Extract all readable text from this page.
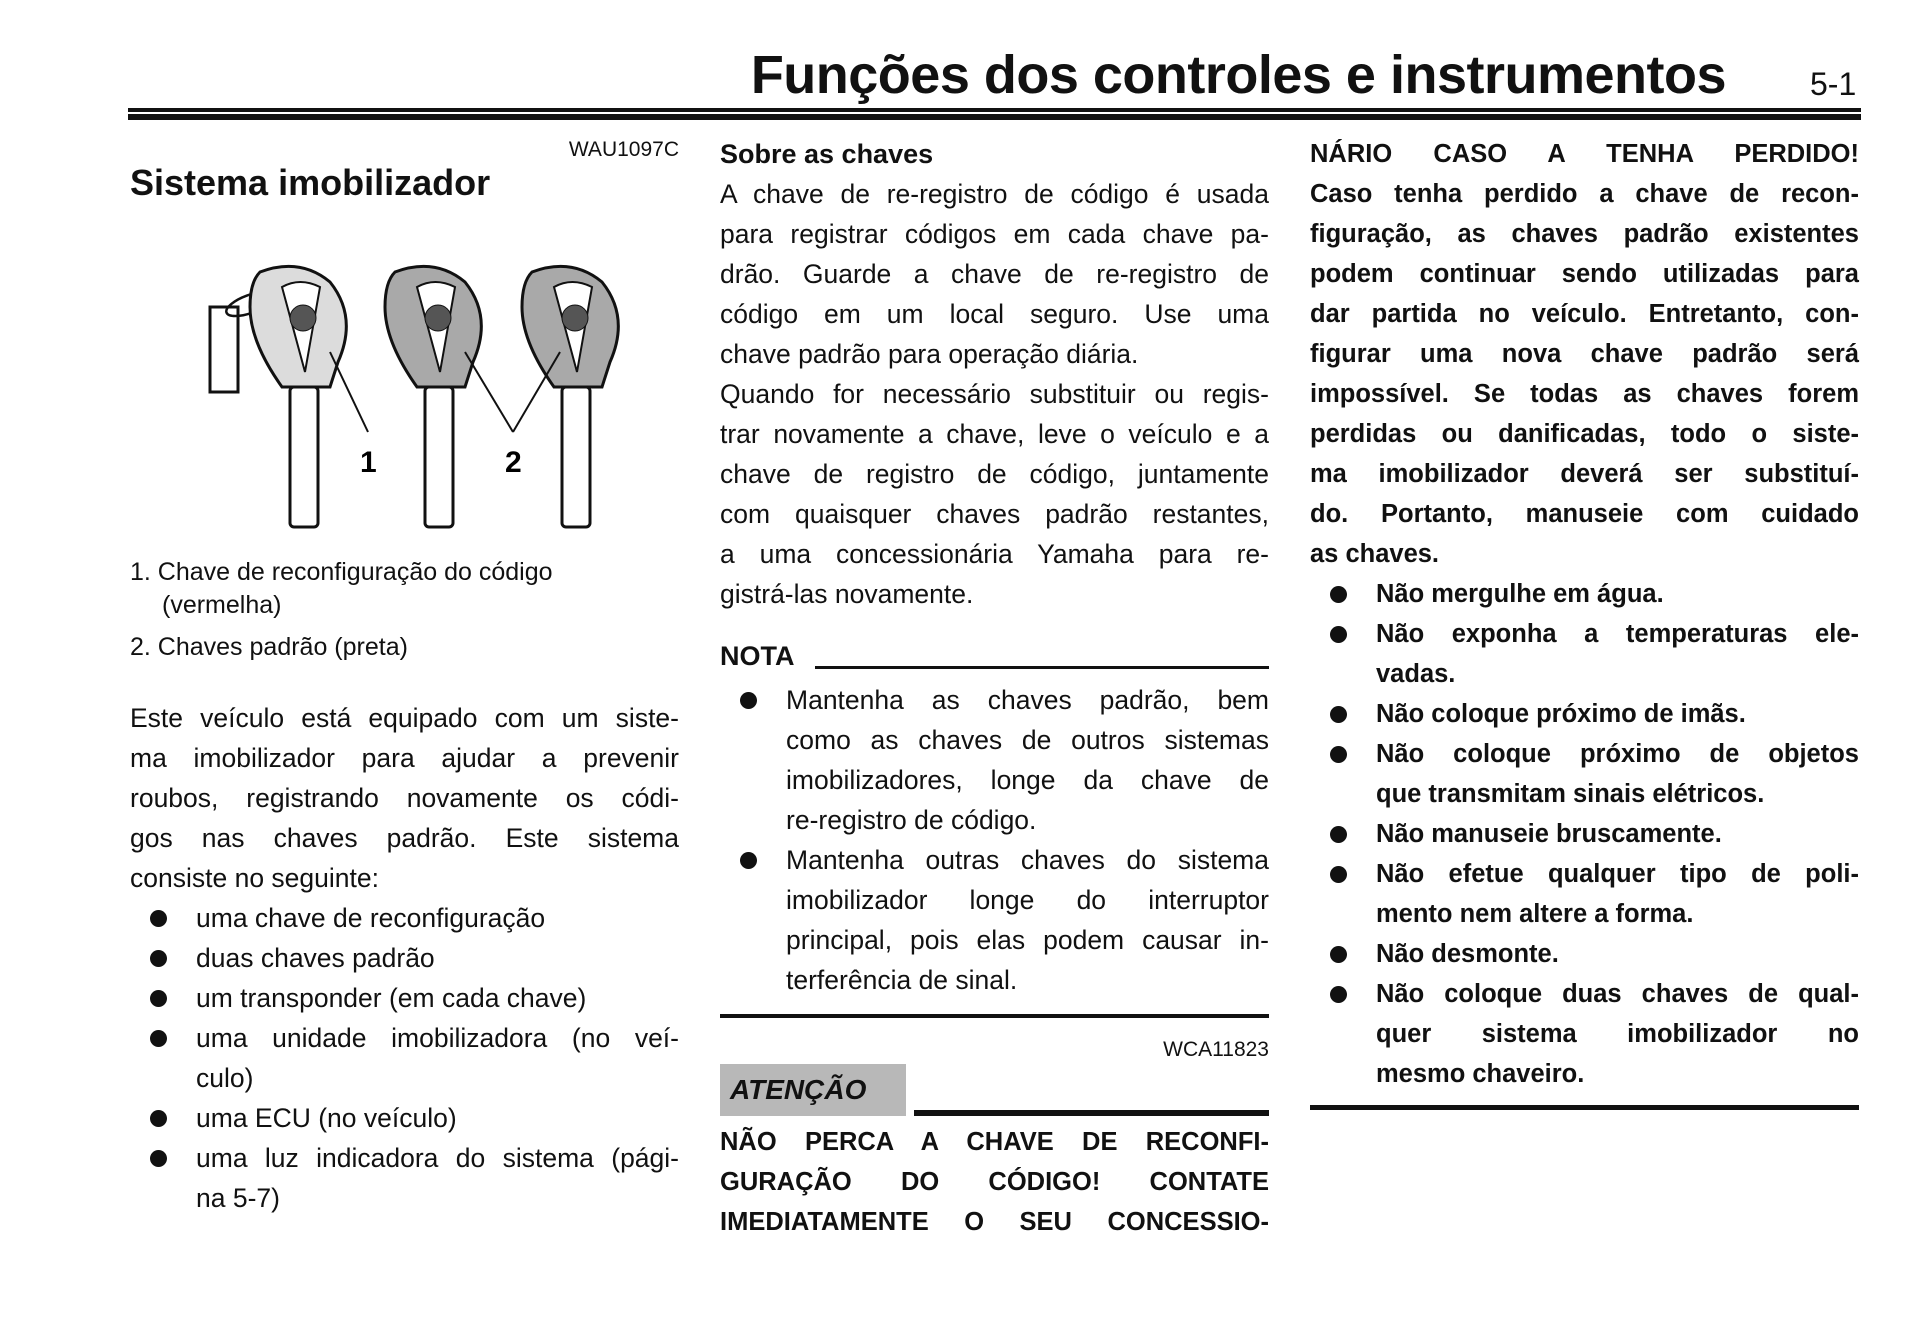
Funções dos controles e instrumentos	5-1
WAU1097C
Sistema imobilizador
1	2
1. Chave de reconfiguração do código
(vermelha)
2. Chaves padrão (preta)
Este veículo está equipado com um siste-
ma imobilizador para ajudar a prevenir
roubos, registrando novamente os códi-
gos nas chaves padrão. Este sistema
consiste no seguinte:
uma chave de reconfiguração
duas chaves padrão
um transponder (em cada chave)
uma unidade imobilizadora (no veí-
culo)
uma ECU (no veículo)
uma luz indicadora do sistema (pági-
na 5-7)
Sobre as chaves
A chave de re-registro de código é usada
para registrar códigos em cada chave pa-
drão. Guarde a chave de re-registro de
código em um local seguro. Use uma
chave padrão para operação diária.
Quando for necessário substituir ou regis-
trar novamente a chave, leve o veículo e a
chave de registro de código, juntamente
com quaisquer chaves padrão restantes,
a uma concessionária Yamaha para re-
gistrá-las novamente.
NOTA
Mantenha as chaves padrão, bem
como as chaves de outros sistemas
imobilizadores, longe da chave de
re-registro de código.
Mantenha outras chaves do sistema
imobilizador longe do interruptor
principal, pois elas podem causar in-
terferência de sinal.
WCA11823
ATENÇÃO
NÃO PERCA A CHAVE DE RECONFI-
GURAÇÃO DO CÓDIGO! CONTATE
IMEDIATAMENTE O SEU CONCESSIO-
NÁRIO CASO A TENHA PERDIDO!
Caso tenha perdido a chave de recon-
figuração, as chaves padrão existentes
podem continuar sendo utilizadas para
dar partida no veículo. Entretanto, con-
figurar uma nova chave padrão será
impossível. Se todas as chaves forem
perdidas ou danificadas, todo o siste-
ma imobilizador deverá ser substituí-
do. Portanto, manuseie com cuidado
as chaves.
Não mergulhe em água.
Não exponha a temperaturas ele-
vadas.
Não coloque próximo de imãs.
Não coloque próximo de objetos
que transmitam sinais elétricos.
Não manuseie bruscamente.
Não efetue qualquer tipo de poli-
mento nem altere a forma.
Não desmonte.
Não coloque duas chaves de qual-
quer sistema imobilizador no
mesmo chaveiro.
